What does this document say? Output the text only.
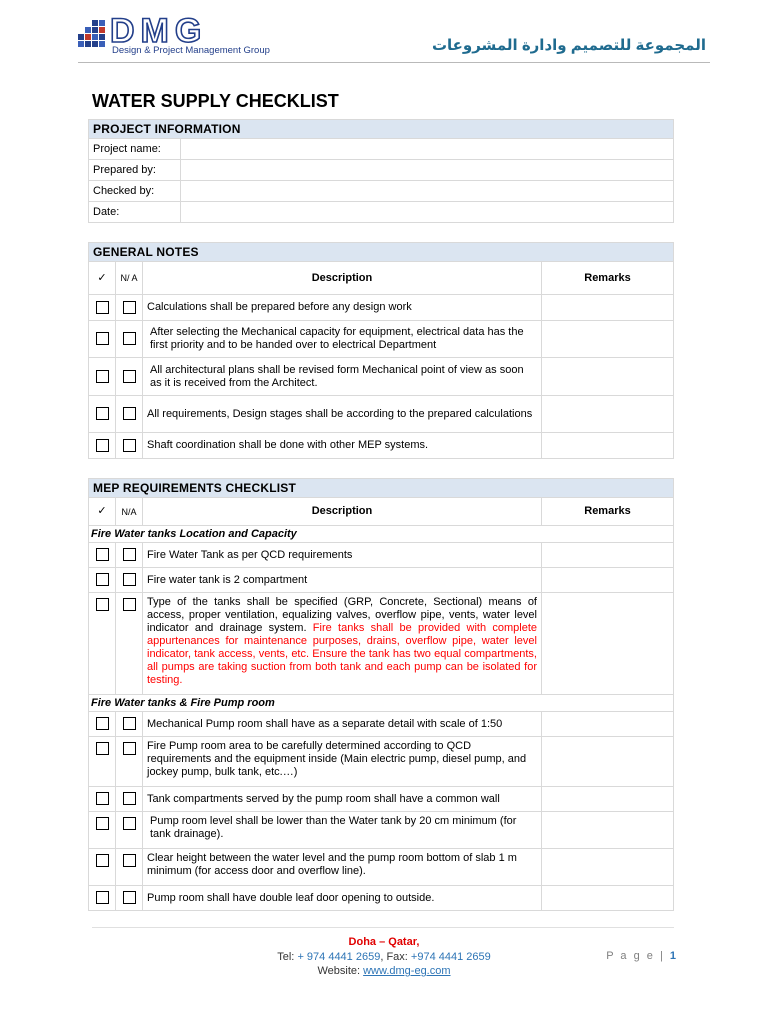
DMG
Design & Project Management Group	المجموعة للتصميم وادارة المشروعات
WATER SUPPLY CHECKLIST
PROJECT INFORMATION	
Project name:	
Prepared by:	
Checked by:	
Date:	
GENERAL NOTES			
✓	N/ A	Description	Remarks
		Calculations shall be prepared before any design work	
		After selecting the Mechanical capacity for equipment, electrical data has the first priority and to be handed over to electrical Department	
		All architectural plans shall be revised form Mechanical point of view as soon as it is received from the Architect.	
		All requirements, Design stages shall be according to the prepared calculations	
		Shaft coordination shall be done with other MEP systems.	
MEP REQUIREMENTS CHECKLIST			
✓	N/A	Description	Remarks
Fire Water tanks Location and Capacity			
		Fire Water Tank as per QCD requirements	
		Fire water tank is 2 compartment	
		Type of the tanks shall be specified (GRP, Concrete, Sectional) means of access, proper ventilation, equalizing valves, overflow pipe, vents, water level indicator and drainage system. Fire tanks shall be provided with complete appurtenances for maintenance purposes, drains, overflow pipe, water level indicator, tank access, vents, etc. Ensure the tank has two equal compartments, all pumps are taking suction from both tank and each pump can be isolated for testing.	
Fire Water tanks & Fire Pump room			
		Mechanical Pump room shall have as a separate detail with scale of 1:50	
		Fire Pump room area to be carefully determined according to QCD requirements and the equipment inside (Main electric pump, diesel pump, and jockey pump, bulk tank, etc.…)	
		Tank compartments served by the pump room shall have a common wall	
		Pump room level shall be lower than the Water tank by 20 cm minimum (for tank drainage).	
		Clear height between the water level and the pump room bottom of slab 1 m minimum (for access door and overflow line).	
		Pump room shall have double leaf door opening to outside.	
Doha – Qatar,
Tel: + 974 4441 2659, Fax: +974 4441 2659
Website: www.dmg-eg.com
P a g e | 1
